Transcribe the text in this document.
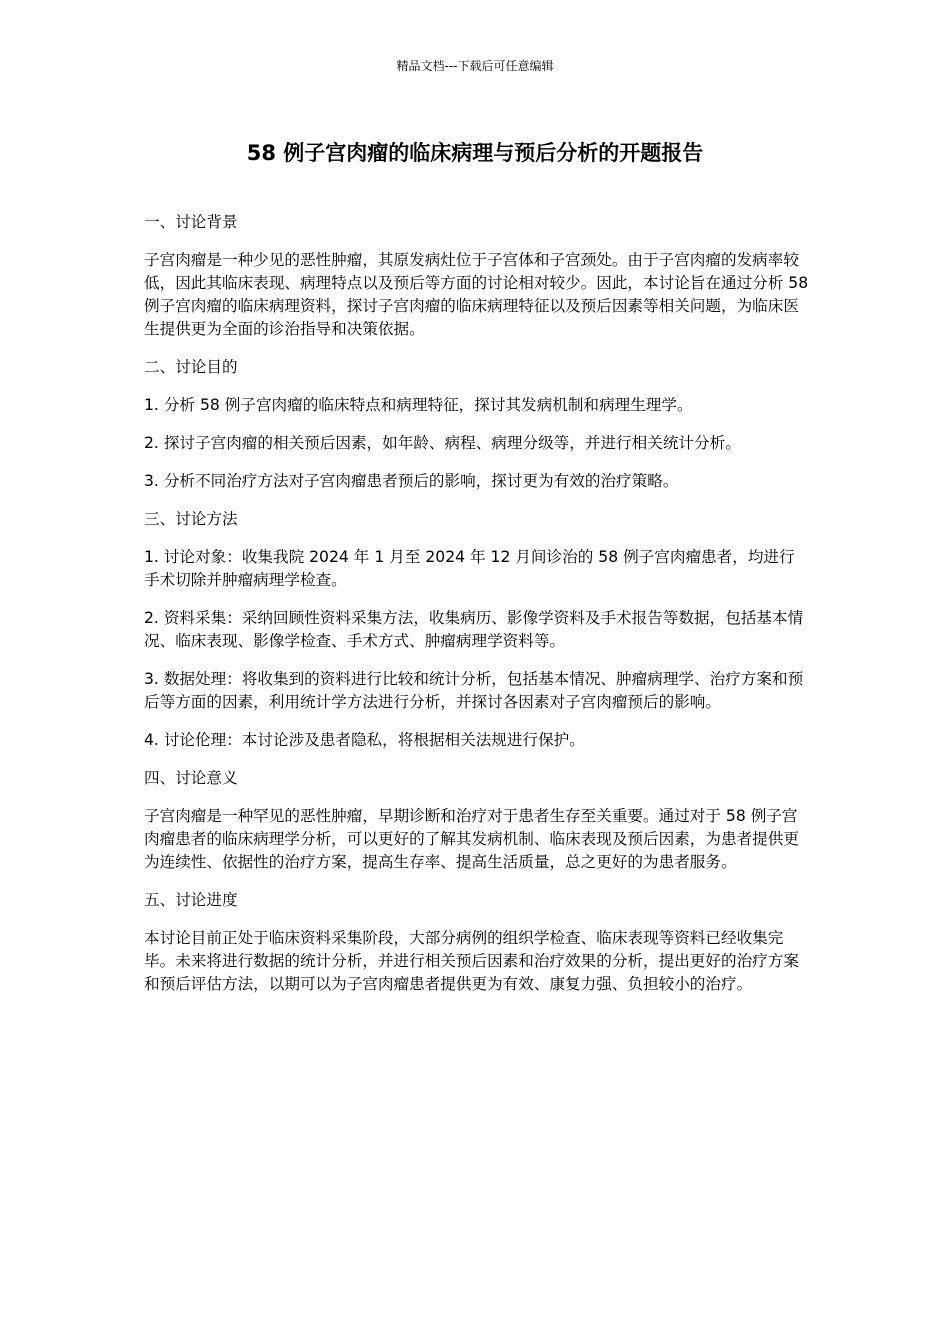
精品文档---下载后可任意编辑
58 例子宫肉瘤的临床病理与预后分析的开题报告

一、讨论背景

子宫肉瘤是一种少见的恶性肿瘤，其原发病灶位于子宫体和子宫颈处。由于子宫肉瘤的发病率较低，因此其临床表现、病理特点以及预后等方面的讨论相对较少。因此，本讨论旨在通过分析 58 例子宫肉瘤的临床病理资料，探讨子宫肉瘤的临床病理特征以及预后因素等相关问题，为临床医生提供更为全面的诊治指导和决策依据。

二、讨论目的

1. 分析 58 例子宫肉瘤的临床特点和病理特征，探讨其发病机制和病理生理学。

2. 探讨子宫肉瘤的相关预后因素，如年龄、病程、病理分级等，并进行相关统计分析。

3. 分析不同治疗方法对子宫肉瘤患者预后的影响，探讨更为有效的治疗策略。

三、讨论方法

1. 讨论对象：收集我院 2024 年 1 月至 2024 年 12 月间诊治的 58 例子宫肉瘤患者，均进行手术切除并肿瘤病理学检查。

2. 资料采集：采纳回顾性资料采集方法，收集病历、影像学资料及手术报告等数据，包括基本情况、临床表现、影像学检查、手术方式、肿瘤病理学资料等。

3. 数据处理：将收集到的资料进行比较和统计分析，包括基本情况、肿瘤病理学、治疗方案和预后等方面的因素，利用统计学方法进行分析，并探讨各因素对子宫肉瘤预后的影响。

4. 讨论伦理：本讨论涉及患者隐私，将根据相关法规进行保护。

四、讨论意义

子宫肉瘤是一种罕见的恶性肿瘤，早期诊断和治疗对于患者生存至关重要。通过对于 58 例子宫肉瘤患者的临床病理学分析，可以更好的了解其发病机制、临床表现及预后因素，为患者提供更为连续性、依据性的治疗方案，提高生存率、提高生活质量，总之更好的为患者服务。

五、讨论进度

本讨论目前正处于临床资料采集阶段，大部分病例的组织学检查、临床表现等资料已经收集完毕。未来将进行数据的统计分析，并进行相关预后因素和治疗效果的分析，提出更好的治疗方案和预后评估方法，以期可以为子宫肉瘤患者提供更为有效、康复力强、负担较小的治疗。
